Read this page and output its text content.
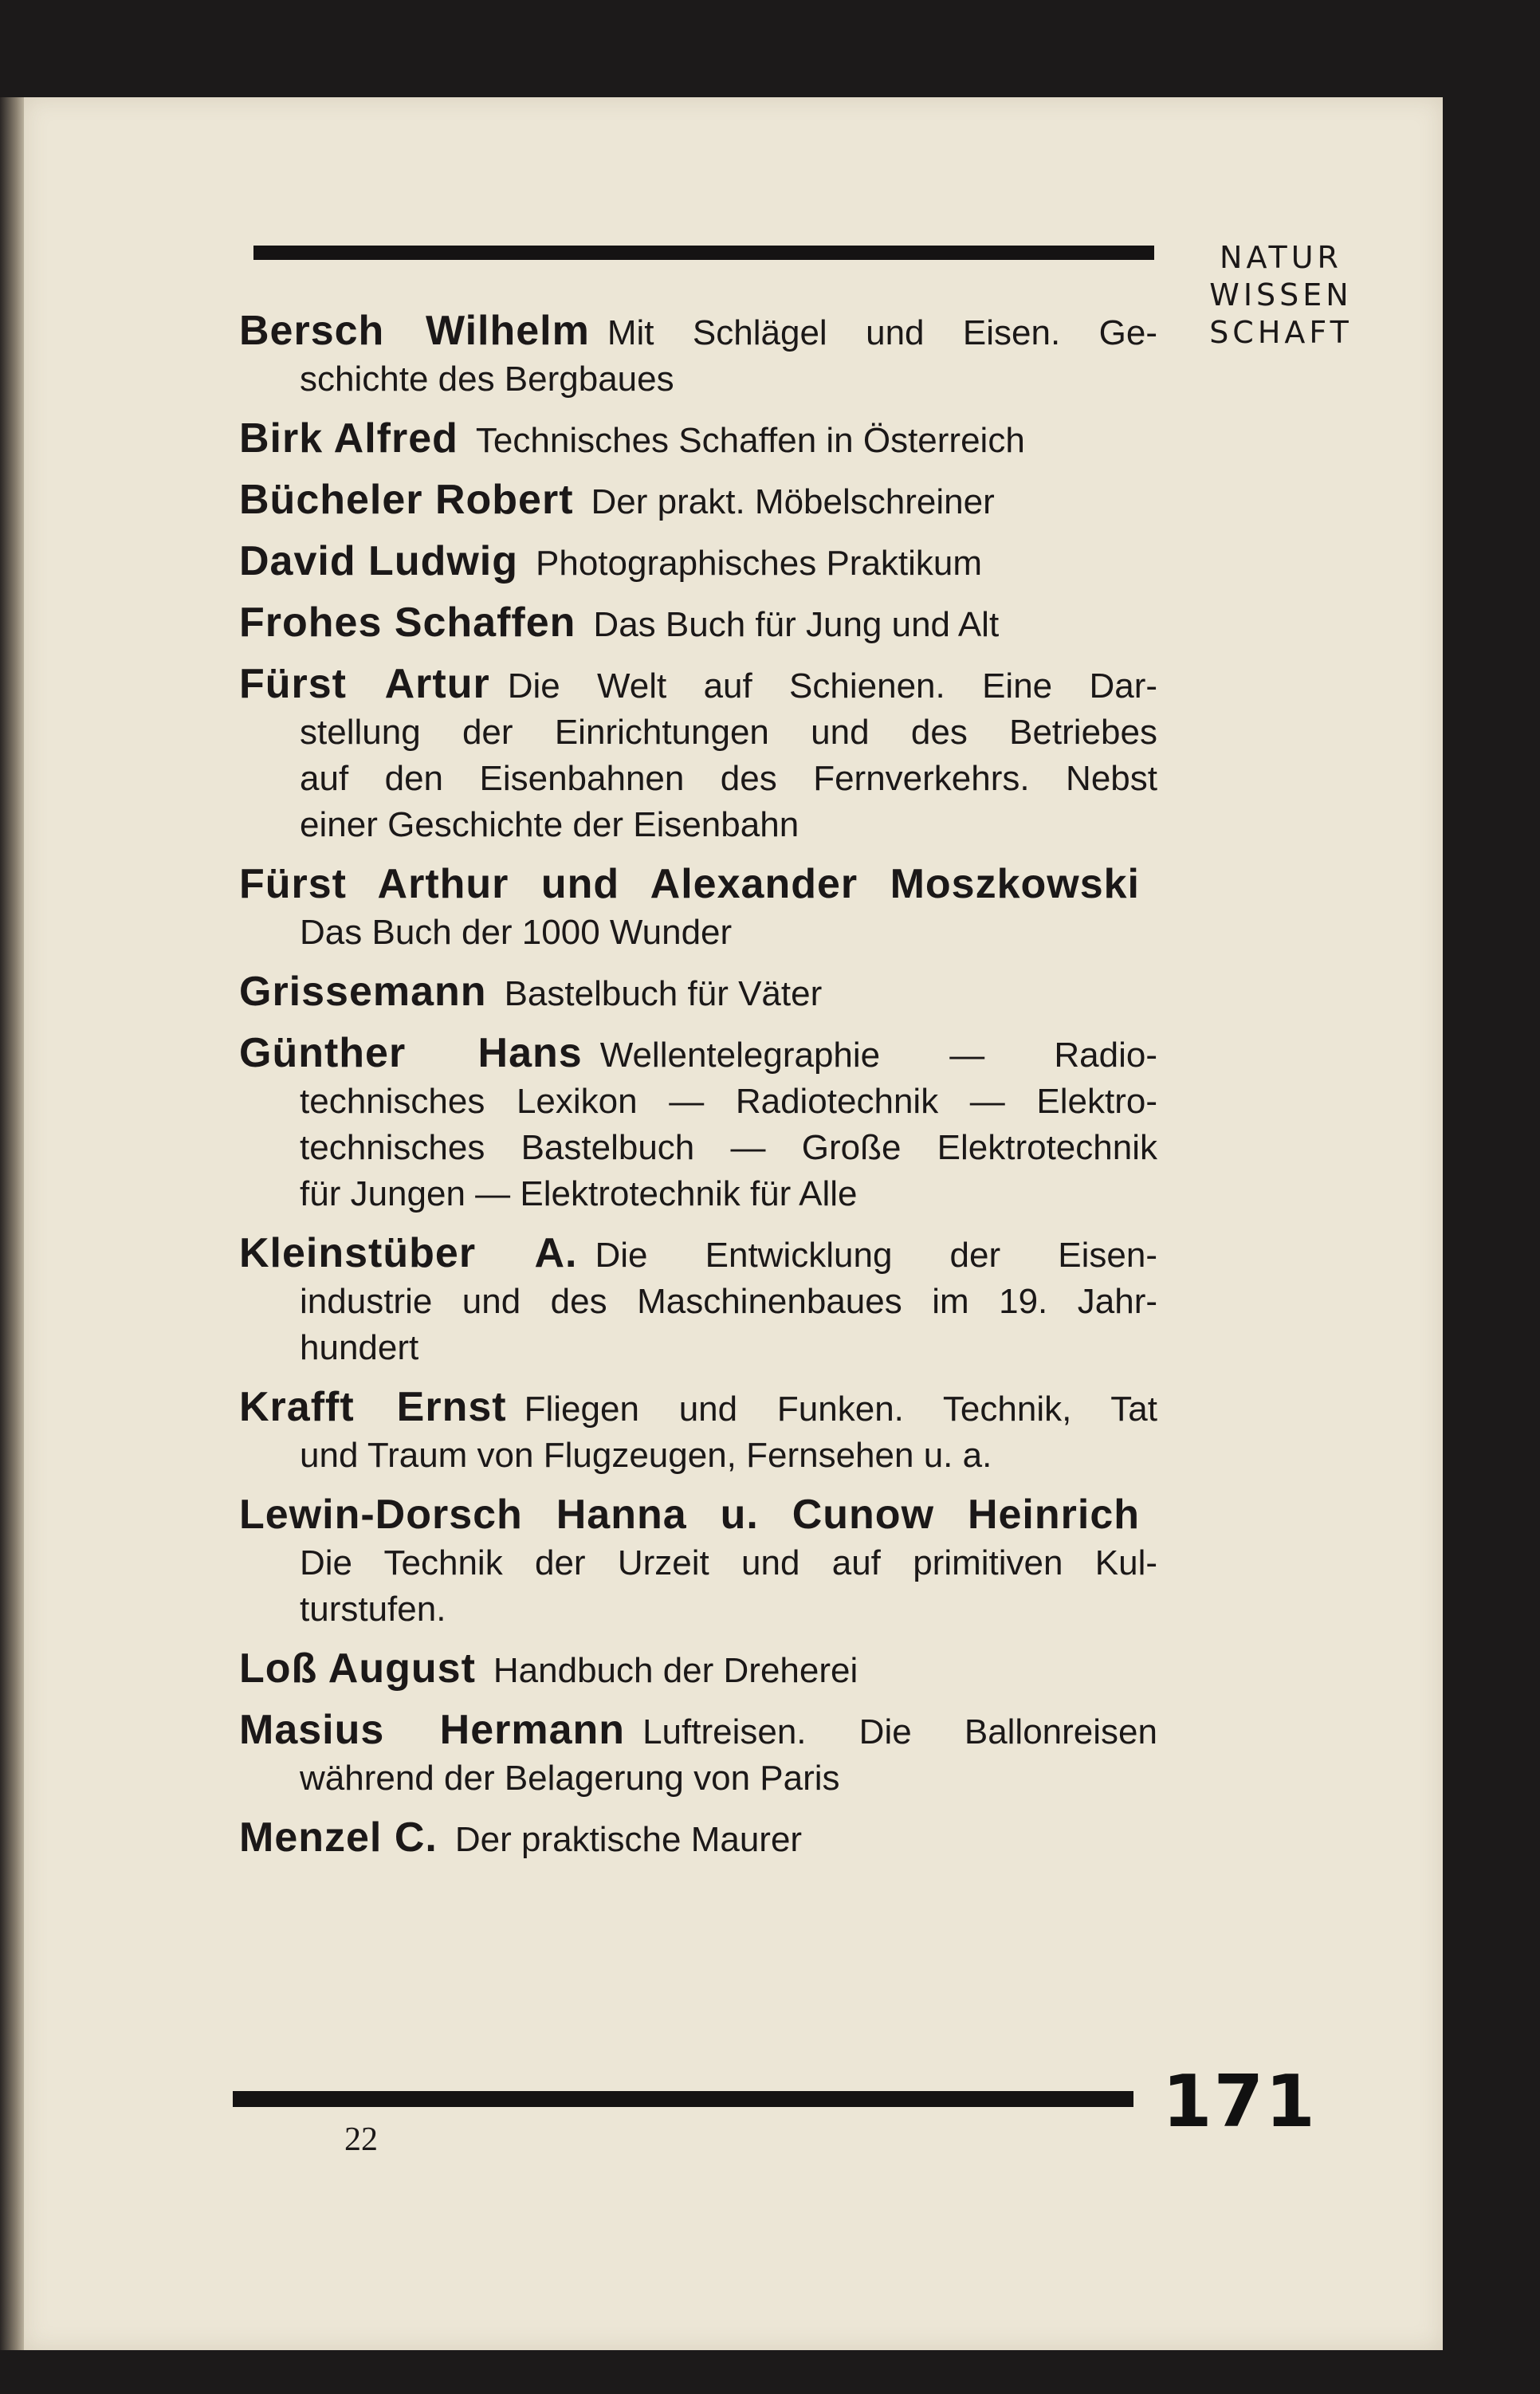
NATUR
WISSEN
SCHAFT
Bersch Wilhelm Mit Schlägel und Eisen. Ge-
schichte des Bergbaues
Birk Alfred Technisches Schaffen in Österreich
Bücheler Robert Der prakt. Möbelschreiner
David Ludwig Photographisches Praktikum
Frohes Schaffen Das Buch für Jung und Alt
Fürst Artur Die Welt auf Schienen. Eine Dar-
stellung der Einrichtungen und des Betriebes
auf den Eisenbahnen des Fernverkehrs. Nebst
einer Geschichte der Eisenbahn
Fürst Arthur und Alexander Moszkowski
Das Buch der 1000 Wunder
Grissemann Bastelbuch für Väter
Günther Hans Wellentelegraphie — Radio-
technisches Lexikon — Radiotechnik — Elektro-
technisches Bastelbuch — Große Elektrotechnik
für Jungen — Elektrotechnik für Alle
Kleinstüber A. Die Entwicklung der Eisen-
industrie und des Maschinenbaues im 19. Jahr-
hundert
Krafft Ernst Fliegen und Funken. Technik, Tat
und Traum von Flugzeugen, Fernsehen u. a.
Lewin-Dorsch Hanna u. Cunow Heinrich
Die Technik der Urzeit und auf primitiven Kul-
turstufen.
Loß August Handbuch der Dreherei
Masius Hermann Luftreisen. Die Ballonreisen
während der Belagerung von Paris
Menzel C. Der praktische Maurer
171
22
